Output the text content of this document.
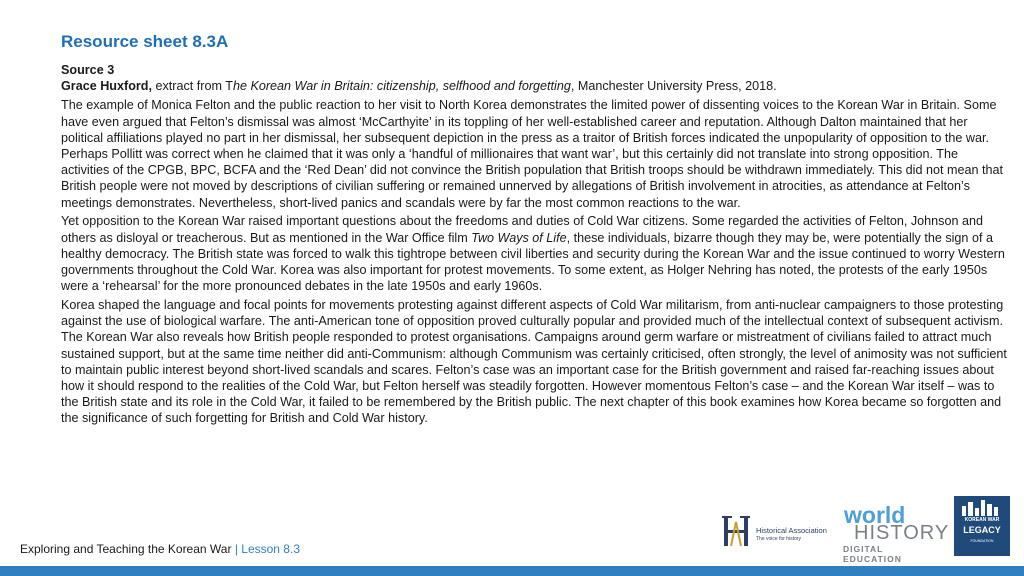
Resource sheet 8.3A

Source 3

Grace Huxford, extract from The Korean War in Britain: citizenship, selfhood and forgetting, Manchester University Press, 2018.

The example of Monica Felton and the public reaction to her visit to North Korea demonstrates the limited power of dissenting voices to the Korean War in Britain. Some have even argued that Felton’s dismissal was almost ‘McCarthyite’ in its toppling of her well-established career and reputation. Although Dalton maintained that her political affiliations played no part in her dismissal, her subsequent depiction in the press as a traitor of British forces indicated the unpopularity of opposition to the war. Perhaps Pollitt was correct when he claimed that it was only a ‘handful of millionaires that want war’, but this certainly did not translate into strong opposition. The activities of the CPGB, BPC, BCFA and the ‘Red Dean’ did not convince the British population that British troops should be withdrawn immediately. This did not mean that British people were not moved by descriptions of civilian suffering or remained unnerved by allegations of British involvement in atrocities, as attendance at Felton’s meetings demonstrates. Nevertheless, short-lived panics and scandals were by far the most common reactions to the war.

Yet opposition to the Korean War raised important questions about the freedoms and duties of Cold War citizens. Some regarded the activities of Felton, Johnson and others as disloyal or treacherous. But as mentioned in the War Office film Two Ways of Life, these individuals, bizarre though they may be, were potentially the sign of a healthy democracy. The British state was forced to walk this tightrope between civil liberties and security during the Korean War and the issue continued to worry Western governments throughout the Cold War. Korea was also important for protest movements. To some extent, as Holger Nehring has noted, the protests of the early 1950s were a ‘rehearsal’ for the more pronounced debates in the late 1950s and early 1960s.

Korea shaped the language and focal points for movements protesting against different aspects of Cold War militarism, from anti-nuclear campaigners to those protesting against the use of biological warfare. The anti-American tone of opposition proved culturally popular and provided much of the intellectual context of subsequent activism. The Korean War also reveals how British people responded to protest organisations. Campaigns around germ warfare or mistreatment of civilians failed to attract much sustained support, but at the same time neither did anti-Communism: although Communism was certainly criticised, often strongly, the level of animosity was not sufficient to maintain public interest beyond short-lived scandals and scares. Felton’s case was an important case for the British government and raised far-reaching issues about how it should respond to the realities of the Cold War, but Felton herself was steadily forgotten. However momentous Felton’s case – and the Korean War itself – was to the British state and its role in the Cold War, it failed to be remembered by the British public. The next chapter of this book examines how Korea became so forgotten and the significance of such forgetting for British and Cold War history.

Historical Association
The voice for history
world
HISTORY
DIGITAL EDUCATION
KOREAN WAR
LEGACY
FOUNDATION
Exploring and Teaching the Korean War | Lesson 8.3
